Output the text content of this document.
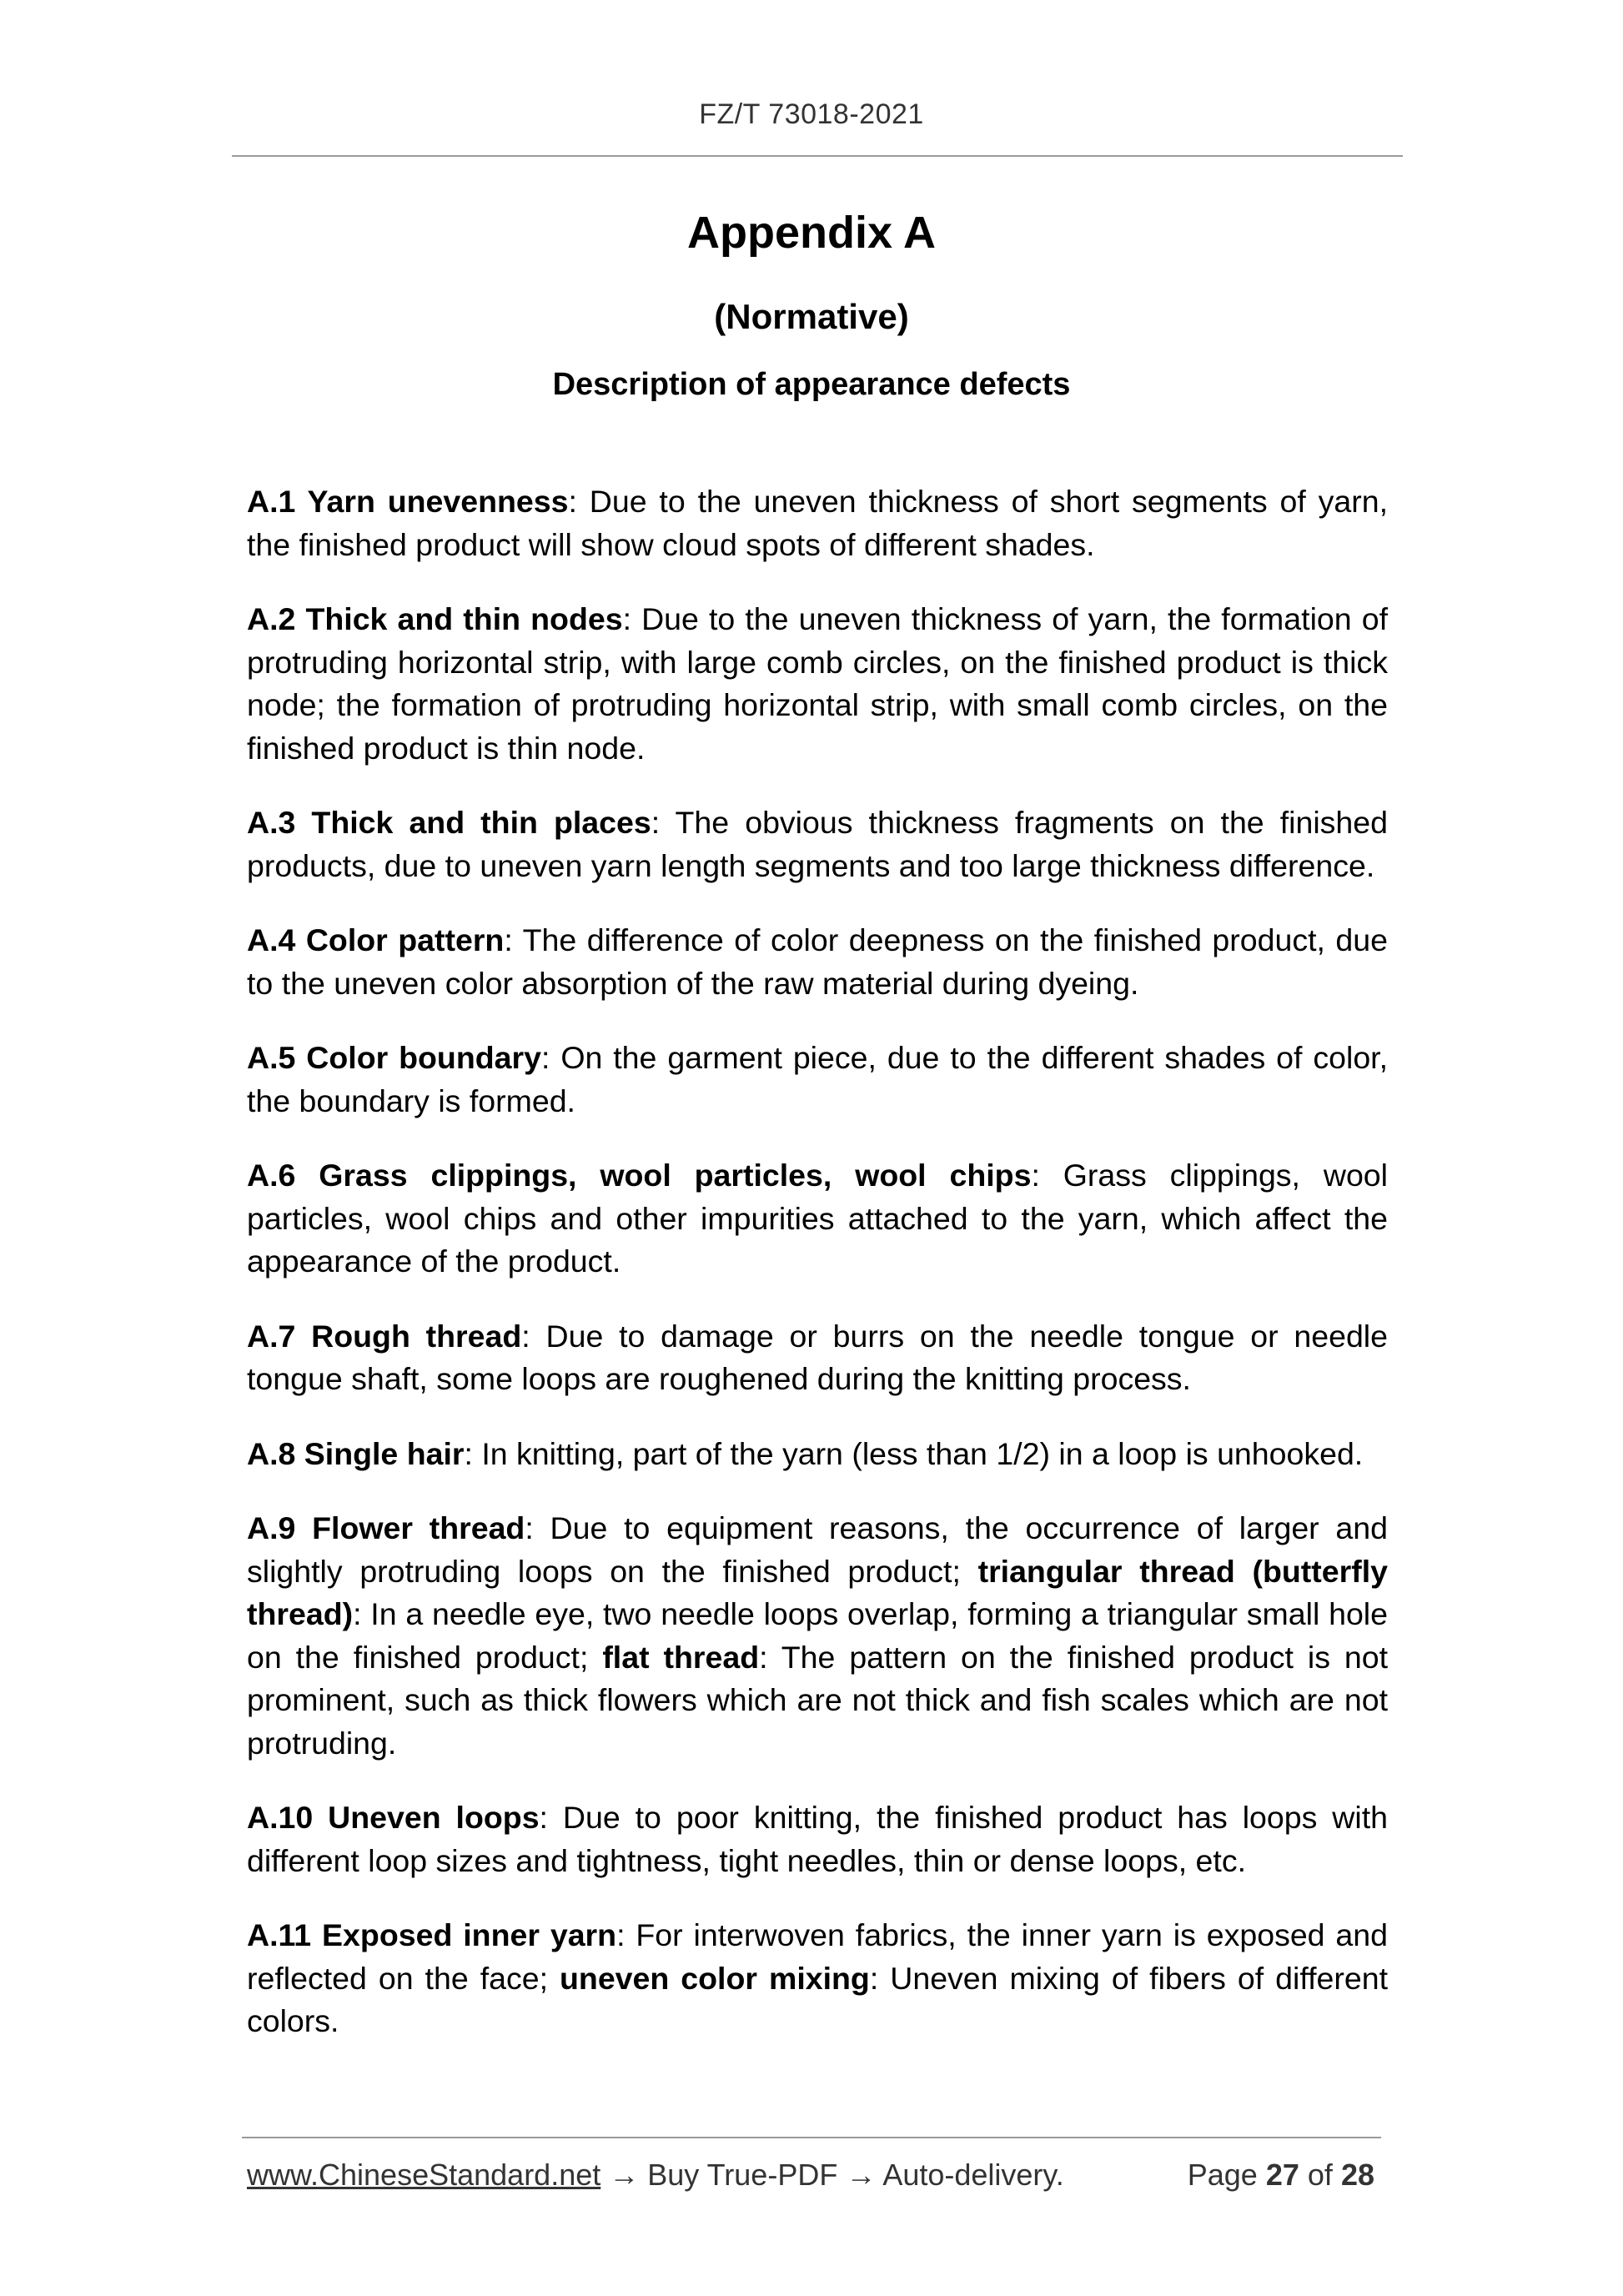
FZ/T 73018-2021
Appendix A
(Normative)
Description of appearance defects

A.1 Yarn unevenness: Due to the uneven thickness of short segments of yarn, the finished product will show cloud spots of different shades.

A.2 Thick and thin nodes: Due to the uneven thickness of yarn, the formation of protruding horizontal strip, with large comb circles, on the finished product is thick node; the formation of protruding horizontal strip, with small comb circles, on the finished product is thin node.

A.3 Thick and thin places: The obvious thickness fragments on the finished products, due to uneven yarn length segments and too large thickness difference.

A.4 Color pattern: The difference of color deepness on the finished product, due to the uneven color absorption of the raw material during dyeing.

A.5 Color boundary: On the garment piece, due to the different shades of color, the boundary is formed.

A.6 Grass clippings, wool particles, wool chips: Grass clippings, wool particles, wool chips and other impurities attached to the yarn, which affect the appearance of the product.

A.7 Rough thread: Due to damage or burrs on the needle tongue or needle tongue shaft, some loops are roughened during the knitting process.

A.8 Single hair: In knitting, part of the yarn (less than 1/2) in a loop is unhooked.

A.9 Flower thread: Due to equipment reasons, the occurrence of larger and slightly protruding loops on the finished product; triangular thread (butterfly thread): In a needle eye, two needle loops overlap, forming a triangular small hole on the finished product; flat thread: The pattern on the finished product is not prominent, such as thick flowers which are not thick and fish scales which are not protruding.

A.10 Uneven loops: Due to poor knitting, the finished product has loops with different loop sizes and tightness, tight needles, thin or dense loops, etc.

A.11 Exposed inner yarn: For interwoven fabrics, the inner yarn is exposed and reflected on the face; uneven color mixing: Uneven mixing of fibers of different colors.

www.ChineseStandard.net → Buy True-PDF → Auto-delivery.	Page 27 of 28
